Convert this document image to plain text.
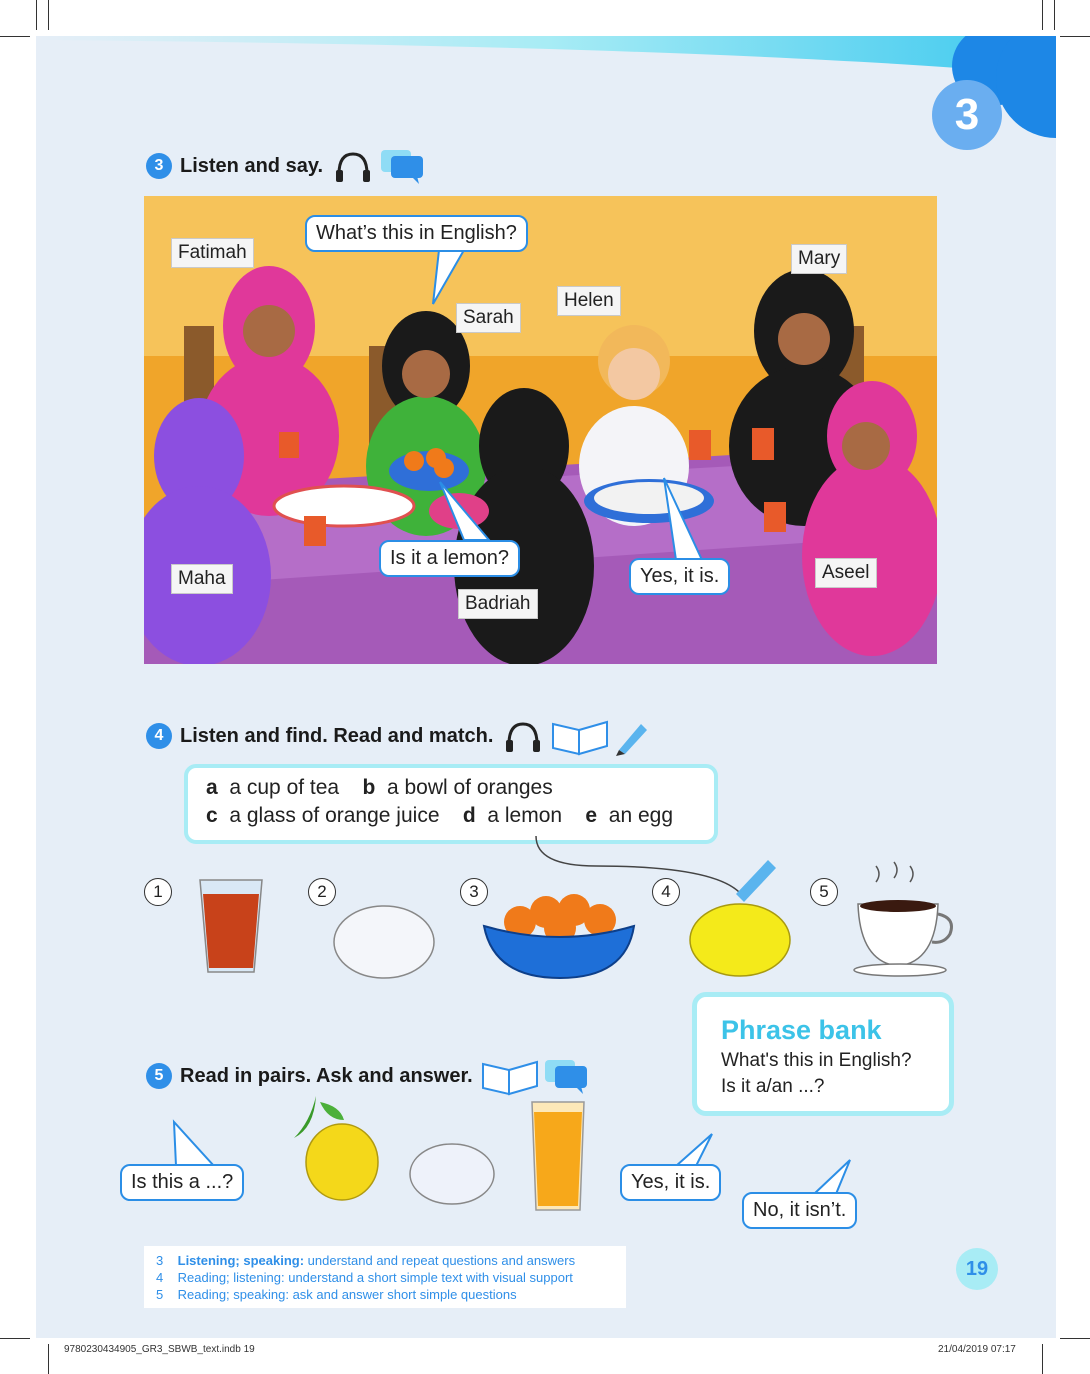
3
3 Listen and say.
Fatimah
Sarah
Helen
Mary
Maha
Badriah
Aseel
What’s this in English?
Is it a lemon?
Yes, it is.
4 Listen and find. Read and match.
a a cup of tea b a bowl of oranges
c a glass of orange juice d a lemon e an egg
1	2	3	4	5
Phrase bank
What's this in English?
Is it a/an ...?
5 Read in pairs. Ask and answer.
Is this a ...?	Yes, it is.
No, it isn’t.
3 Listening; speaking: understand and repeat questions and answers
4 Reading; listening: understand a short simple text with visual support
5 Reading; speaking: ask and answer short simple questions
19
9780230434905_GR3_SBWB_text.indb 19	21/04/2019 07:17
